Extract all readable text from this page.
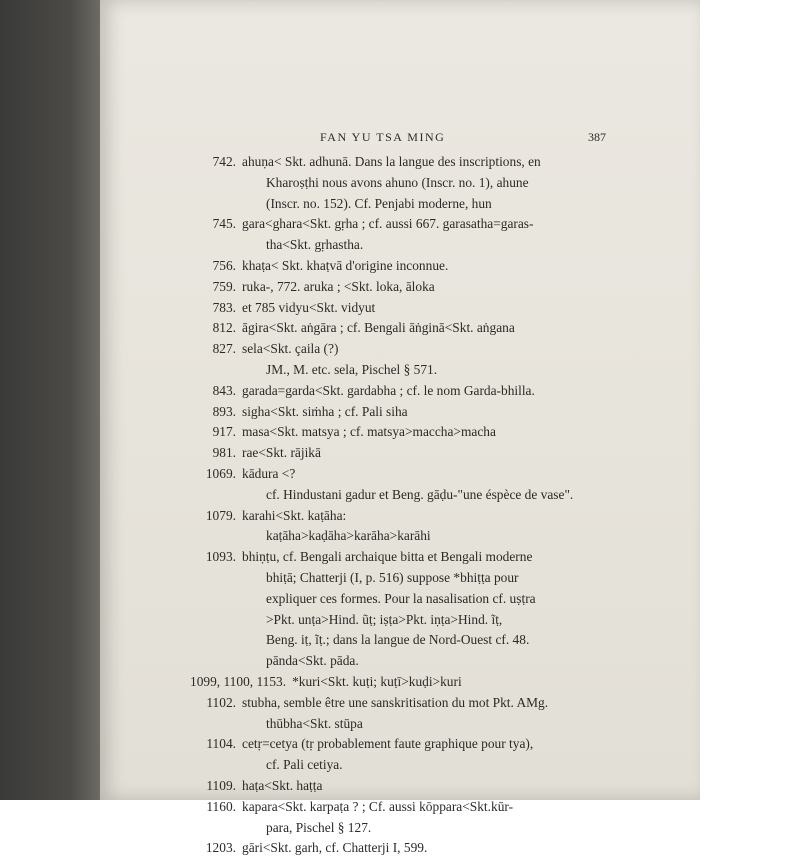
FAN YU TSA MING	387
742. ahuṇa< Skt. adhunā. Dans la langue des inscriptions, en
Kharoṣṭhi nous avons ahuno (Inscr. no. 1), ahune
(Inscr. no. 152). Cf. Penjabi moderne, hun
745. gara<ghara<Skt. gṛha ; cf. aussi 667. garasatha=garas-
tha<Skt. gṛhastha.
756. khaṭa< Skt. khaṭvā d'origine inconnue.
759. ruka-, 772. aruka ; <Skt. loka, āloka
783. et 785 vidyu<Skt. vidyut
812. āgira<Skt. aṅgāra ; cf. Bengali āṅginā<Skt. aṅgana
827. sela<Skt. çaila (?)
JM., M. etc. sela, Pischel § 571.
843. garada=garda<Skt. gardabha ; cf. le nom Garda-bhilla.
893. sigha<Skt. siṁha ; cf. Pali siha
917. masa<Skt. matsya ; cf. matsya>maccha>macha
981. rae<Skt. rājikā
1069. kādura <?
cf. Hindustani gadur et Beng. gāḍu-"une éspèce de vase".
1079. karahi<Skt. kaṭāha:
kaṭāha>kaḍāha>karāha>karāhi
1093. bhiṇṭu, cf. Bengali archaique bitta et Bengali moderne
bhiṭā; Chatterji (I, p. 516) suppose *bhiṭṭa pour
expliquer ces formes. Pour la nasalisation cf. uṣṭra
>Pkt. unṭa>Hind. ũṭ; iṣṭa>Pkt. iṇṭa>Hind. ĩṭ,
Beng. iṭ, ĩṭ.; dans la langue de Nord-Ouest cf. 48.
pānda<Skt. pāda.
1099, 1100, 1153. *kuri<Skt. kuṭi; kuṭī>kuḍi>kuri
1102. stubha, semble être une sanskritisation du mot Pkt. AMg.
thūbha<Skt. stūpa
1104. cetṛ=cetya (tṛ probablement faute graphique pour tya),
cf. Pali cetiya.
1109. haṭa<Skt. haṭṭa
1160. kapara<Skt. karpaṭa ? ; Cf. aussi kōppara<Skt.kūr-
para, Pischel § 127.
1203. gāri<Skt. garh, cf. Chatterji I, 599.
